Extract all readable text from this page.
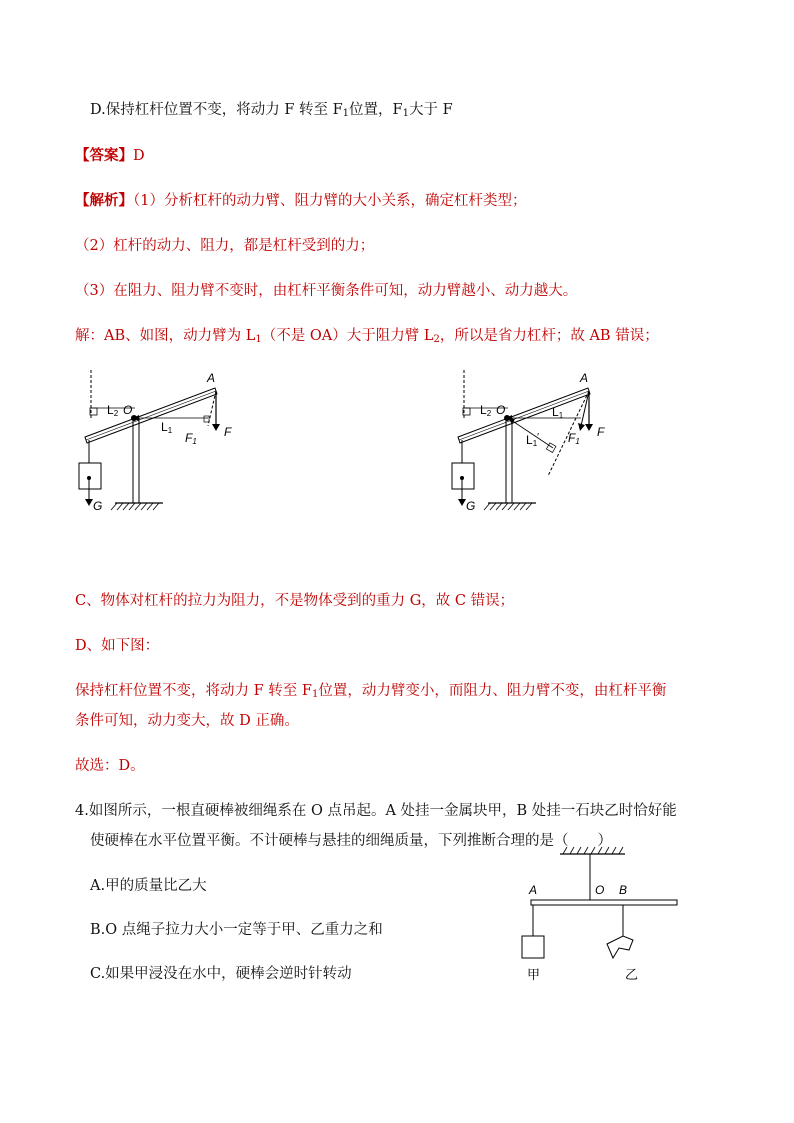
D.保持杠杆位置不变，将动力 F 转至 $F_1$位置，$F_1$大于 F
【答案】D
【解析】（1）分析杠杆的动力臂、阻力臂的大小关系，确定杠杆类型；
（2）杠杆的动力、阻力，都是杠杆受到的力；
（3）在阻力、阻力臂不变时，由杠杆平衡条件可知，动力臂越小、动力越大。
解：AB、如图，动力臂为 $L_1$（不是 OA）大于阻力臂 $L_2$，所以是省力杠杆；故 AB 错误；
G
F
A
L2 O
L1
F1
G
F
A
L2 O	L1
L1′ F1
C、物体对杠杆的拉力为阻力，不是物体受到的重力 G，故 C 错误；
D、如下图：
保持杠杆位置不变，将动力 F 转至 $F_1$位置，动力臂变小，而阻力、阻力臂不变，由杠杆平衡
条件可知，动力变大，故 D 正确。
故选：D。
4.如图所示，一根直硬棒被细绳系在 O 点吊起。A 处挂一金属块甲，B 处挂一石块乙时恰好能
使硬棒在水平位置平衡。不计硬棒与悬挂的细绳质量，下列推断合理的是（　　）
A.甲的质量比乙大
B.O 点绳子拉力大小一定等于甲、乙重力之和
C.如果甲浸没在水中，硬棒会逆时针转动
A	O B
甲	乙
